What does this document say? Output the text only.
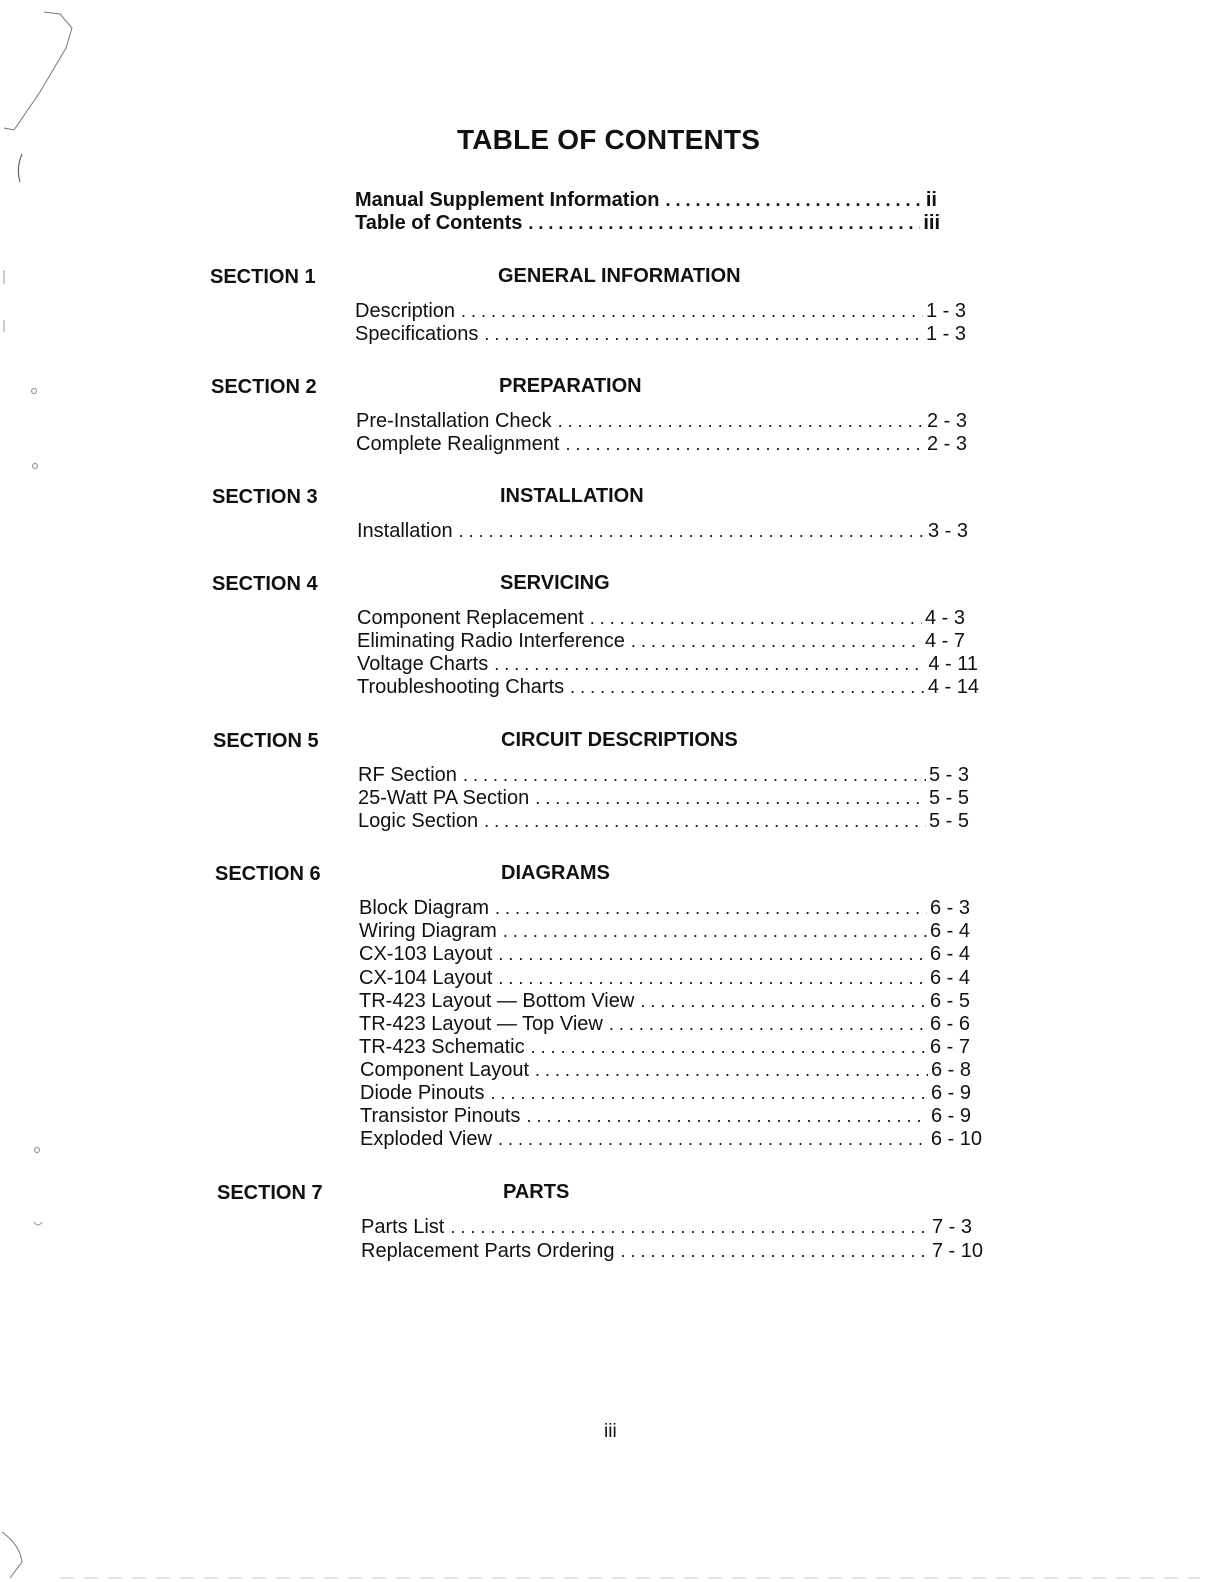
TABLE OF CONTENTS
Manual Supplement Information . . .	ii
Table of Contents . . .	iii
SECTION 1	GENERAL INFORMATION
Description . . .	1 - 3
Specifications . . .	1 - 3
SECTION 2	PREPARATION
Pre-Installation Check . . .	2 - 3
Complete Realignment . . .	2 - 3
SECTION 3	INSTALLATION
Installation . . .	3 - 3
SECTION 4	SERVICING
Component Replacement . . .	4 - 3
Eliminating Radio Interference . . .	4 - 7
Voltage Charts . . .	4 - 11
Troubleshooting Charts . . .	4 - 14
SECTION 5	CIRCUIT DESCRIPTIONS
RF Section . . .	5 - 3
25-Watt PA Section . . .	5 - 5
Logic Section . . .	5 - 5
SECTION 6	DIAGRAMS
Block Diagram . . .	6 - 3
Wiring Diagram . . .	6 - 4
CX-103 Layout . . .	6 - 4
CX-104 Layout . . .	6 - 4
TR-423 Layout — Bottom View . . .	6 - 5
TR-423 Layout — Top View . . .	6 - 6
TR-423 Schematic . . .	6 - 7
Component Layout . . .	6 - 8
Diode Pinouts . . .	6 - 9
Transistor Pinouts . . .	6 - 9
Exploded View . . .	6 - 10
SECTION 7	PARTS
Parts List . . .	7 - 3
Replacement Parts Ordering . . .	7 - 10
iii
